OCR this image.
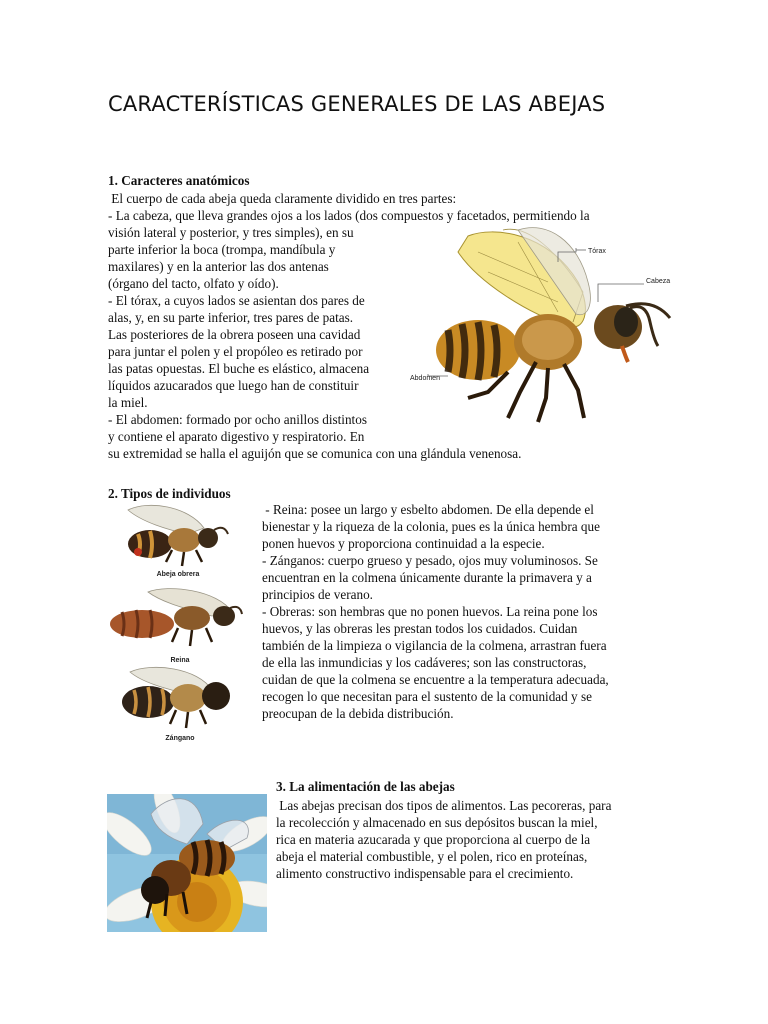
CARACTERÍSTICAS GENERALES DE LAS ABEJAS
1. Caracteres anatómicos
El cuerpo de cada abeja queda claramente dividido en tres partes:
- La cabeza, que lleva grandes ojos a los lados (dos compuestos y facetados, permitiendo la
visión lateral y posterior, y tres simples), en su
parte inferior la boca (trompa, mandíbula y
maxilares) y en la anterior las dos antenas
(órgano del tacto, olfato y oído).
- El tórax, a cuyos lados se asientan dos pares de
alas, y, en su parte inferior, tres pares de patas.
Las posteriores de la obrera poseen una cavidad
para juntar el polen y el propóleo es retirado por
las patas opuestas. El buche es elástico, almacena
líquidos azucarados que luego han de constituir
la miel.
- El abdomen: formado por ocho anillos distintos
y contiene el aparato digestivo y respiratorio. En
su extremidad se halla el aguijón que se comunica con una glándula venenosa.
Tórax
Cabeza
Abdomen
2. Tipos de individuos
Abeja obrera
Reina
Zángano
- Reina: posee un largo y esbelto abdomen. De ella depende el
bienestar y la riqueza de la colonia, pues es la única hembra que
ponen huevos y proporciona continuidad a la especie.
- Zánganos: cuerpo grueso y pesado, ojos muy voluminosos. Se
encuentran en la colmena únicamente durante la primavera y a
principios de verano.
- Obreras: son hembras que no ponen huevos. La reina pone los
huevos, y las obreras les prestan todos los cuidados. Cuidan
también de la limpieza o vigilancia de la colmena, arrastran fuera
de ella las inmundicias y los cadáveres; son las constructoras,
cuidan de que la colmena se encuentre a la temperatura adecuada,
recogen lo que necesitan para el sustento de la comunidad y se
preocupan de la debida distribución.
3. La alimentación de las abejas
Las abejas precisan dos tipos de alimentos. Las pecoreras, para
la recolección y almacenado en sus depósitos buscan la miel,
rica en materia azucarada y que proporciona al cuerpo de la
abeja el material combustible, y el polen, rico en proteínas,
alimento constructivo indispensable para el crecimiento.
